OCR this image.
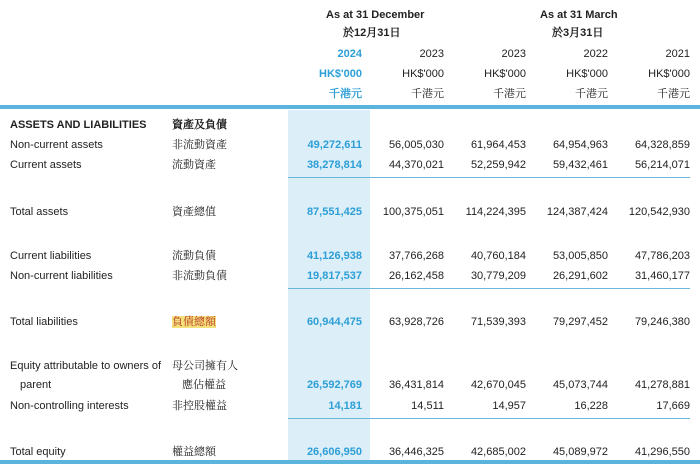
As at 31 December
於12月31日
As at 31 March
於3月31日
2024	2023	2023	2022	2021
HK$'000	HK$'000	HK$'000	HK$'000	HK$'000
千港元	千港元	千港元	千港元	千港元
ASSETS AND LIABILITIES 資產及負債
Non-current assets	非流動資產	49,272,611	56,005,030	61,964,453	64,954,963	64,328,859
Current assets	流動資產	38,278,814	44,370,021	52,259,942	59,432,461	56,214,071
Total assets	資產總值	87,551,425	100,375,051	114,224,395	124,387,424	120,542,930
Current liabilities	流動負債	41,126,938	37,766,268	40,760,184	53,005,850	47,786,203
Non-current liabilities	非流動負債	19,817,537	26,162,458	30,779,209	26,291,602	31,460,177
Total liabilities	負債總額	60,944,475	63,928,726	71,539,393	79,297,452	79,246,380
Equity attributable to owners of 母公司擁有人
parent	應佔權益	26,592,769	36,431,814	42,670,045	45,073,744	41,278,881
Non-controlling interests	非控股權益	14,181	14,511	14,957	16,228	17,669
Total equity	權益總額	26,606,950	36,446,325	42,685,002	45,089,972	41,296,550
